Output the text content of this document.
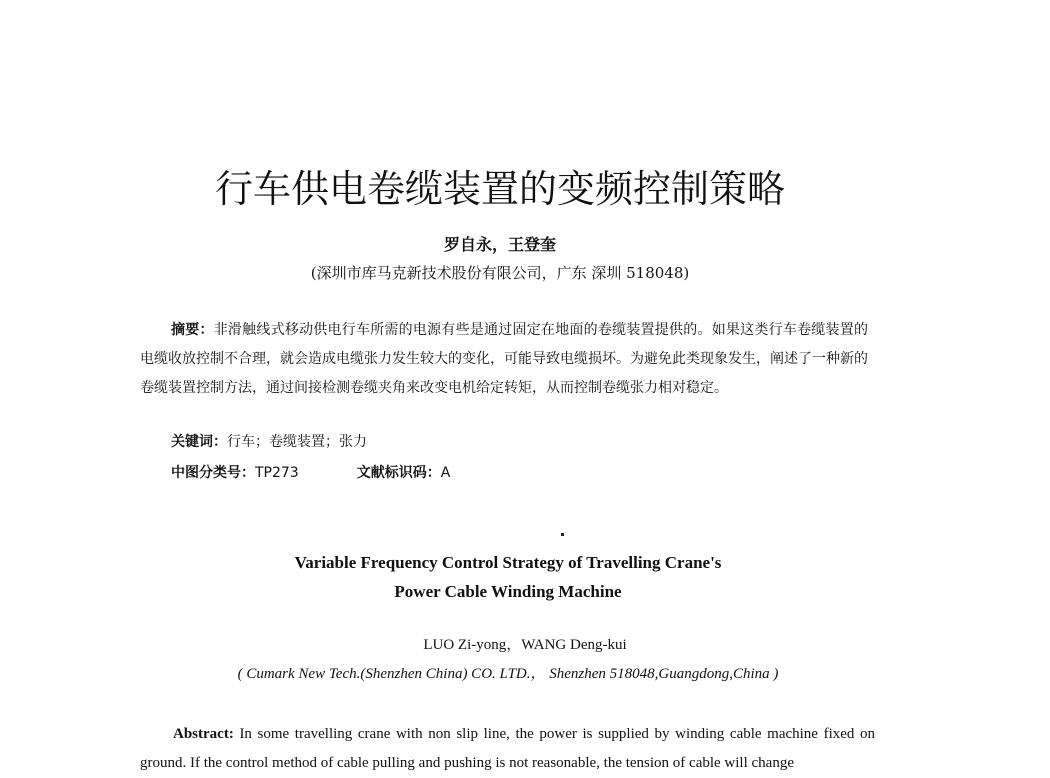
行车供电卷缆装置的变频控制策略
罗自永，王登奎
(深圳市库马克新技术股份有限公司，广东 深圳 518048)
摘要：非滑触线式移动供电行车所需的电源有些是通过固定在地面的卷缆装置提供的。如果这类行车卷缆装置的电缆收放控制不合理，就会造成电缆张力发生较大的变化，可能导致电缆损坏。为避免此类现象发生，阐述了一种新的卷缆装置控制方法，通过间接检测卷缆夹角来改变电机给定转矩，从而控制卷缆张力相对稳定。
关键词：行车；卷缆装置；张力
中图分类号：TP273	文献标识码：A
Variable Frequency Control Strategy of Travelling Crane's
Power Cable Winding Machine
LUO Zi-yong，WANG Deng-kui
( Cumark New Tech.(Shenzhen China) CO. LTD.， Shenzhen 518048,Guangdong,China )
Abstract: In some travelling crane with non slip line, the power is supplied by winding cable machine fixed on ground. If the control method of cable pulling and pushing is not reasonable, the tension of cable will change
